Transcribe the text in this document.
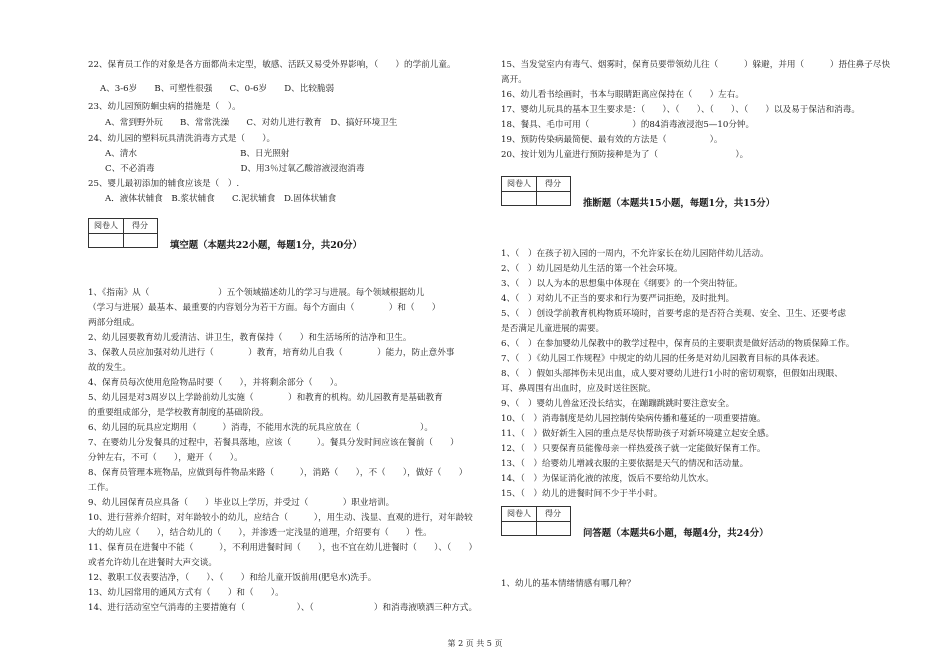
22、保育员工作的对象是各方面都尚未定型，敏感、活跃又易受外界影响，（　　）的学前儿童。
A、3-6岁　　B、可塑性很强　　C、0-6岁　　D、比较脆弱
23、幼儿园预防蛔虫病的措施是（　）。
A、常到野外玩　　B、常常洗澡　　C、对幼儿进行教育　D、搞好环境卫生
24、幼儿园的塑料玩具清洗消毒方式是（　　）。
A、清水　　　　　　　　　　　　B、日光照射
C、不必消毒　　　　　　　　　　D、用3％过氧乙酸溶液浸泡消毒
25、婴儿最初添加的辅食应该是（　）.
A．液体状辅食　B.浆状辅食　　C.泥状辅食　D.固体状辅食
阅卷人	得分
填空题（本题共22小题，每题1分，共20分）
1、《指南》从（　　　　　　　　）五个领域描述幼儿的学习与进展。每个领域根据幼儿
（学习与进展）最基本、最重要的内容划分为若干方面。每个方面由（　　　　）和（　　）
两部分组成。
2、幼儿园要教育幼儿爱清洁、讲卫生，教育保持（　　）和生活场所的洁净和卫生。
3、保教人员应加强对幼儿进行（　　　　）教育，培育幼儿自我（　　　　）能力，防止意外事
故的发生。
4、保育员每次使用危险物品时要（　　），并将剩余部分（　　）。
5、幼儿园是对3周岁以上学龄前幼儿实施（　　　　）和教育的机构。幼儿园教育是基础教育
的重要组成部分，是学校教育制度的基础阶段。
6、幼儿园的玩具应定期用（　　　）消毒，不能用水洗的玩具应放在（　　　　　　　）。
7、在婴幼儿分发餐具的过程中，若餐具落地，应该（　　　）。餐具分发时间应该在餐前（　　）
分钟左右，不可（　　），避开（　　）。
8、保育员管理本班物品，应做到每件物品来路（　　　），消路（　　），不（　　），做好（　　）
工作。
9、幼儿园保育员应具备（　　）毕业以上学历，并受过（　　　　）职业培训。
10、进行营养介绍时，对年龄较小的幼儿，应结合（　　　），用生动、浅显、直观的进行，对年龄较
大的幼儿应（　　），结合幼儿的（　　），并渗透一定浅显的道理，介绍要有（　　）性。
11、保育员在进餐中不能（　　　），不利用进餐时间（　　），也不宜在幼儿进餐时（　　）、（　　）
或者允许幼儿在进餐时大声交谈。
12、教职工仪表要洁净，（　　）、（　　）和给儿童开饭前用(肥皂水)洗手。
13、幼儿园常用的通风方式有（　　）和（　　）。
14、进行活动室空气消毒的主要措施有（　　　　　　）、（　　　　　　　）和消毒液喷洒三种方式。
15、当发觉室内有毒气、烟雾时，保育员要带领幼儿往（　　　）躲避，并用（　　　）捂住鼻子尽快
离开。
16、幼儿看书绘画时，书本与眼睛距离应保持在（　　）左右。
17、婴幼儿玩具的基本卫生要求是：（　　）、（　　）、（　　）、（　　）以及易于保洁和消毒。
18、餐具、毛巾可用（　　　　　）的84消毒液浸泡5—10分钟。
19、预防传染病最简便、最有效的方法是（　　　　　）。
20、按计划为儿童进行预防接种是为了（　　　　　　　　　）。
阅卷人	得分
推断题（本题共15小题，每题1分，共15分）
1、（　）在孩子初入园的一周内，不允许家长在幼儿园陪伴幼儿活动。
2、（　）幼儿园是幼儿生活的第一个社会环境。
3、（　）以人为本的思想集中体现在《纲要》的一个突出特征。
4、（　）对幼儿不正当的要求和行为要严词拒绝，及时批判。
5、（　）创设学前教育机构物质环境时，首要考虑的是否符合美观、安全、卫生、还要考虑
是否满足儿童进展的需要。
6、（　）在参加婴幼儿保教中的教学过程中，保育员的主要职责是做好活动的物质保障工作。
7、（　）《幼儿园工作规程》中规定的幼儿园的任务是对幼儿园教育目标的具体表述。
8、（　）假如头部摔伤未见出血，成人要对婴幼儿进行1小时的密切观察，但假如出现眼、
耳、鼻周围有出血时，应及时送往医院。
9、（　）婴幼儿兽盆还没长结实，在蹦蹦跳跳时要注意安全。
10、（　）消毒制度是幼儿园控制传染病传播和蔓延的一项重要措施。
11、（　）做好新生入园的重点是尽快帮助孩子对新环境建立起安全感。
12、（　）只要保育员能像母亲一样热爱孩子就一定能做好保育工作。
13、（　）给婴幼儿增减衣服的主要依据是天气的情况和活动量。
14、（　）为保证消化液的浓度，饭后不要给幼儿饮水。
15、（　）幼儿的进餐时间不少于半小时。
阅卷人	得分
问答题（本题共6小题，每题4分，共24分）
1、幼儿的基本情绪情感有哪几种？
第 2 页 共 5 页
